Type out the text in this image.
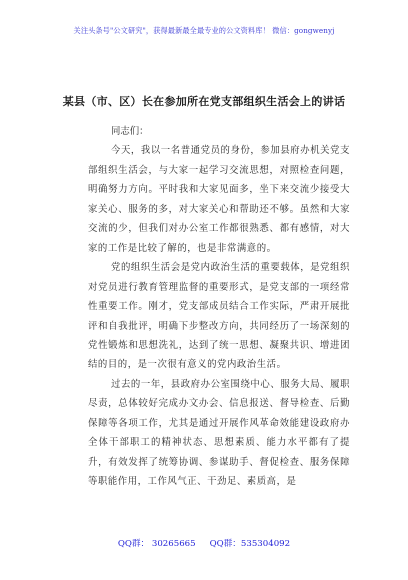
关注头条号"公文研究"，获得最新最全最专业的公文资料库！ 微信：gongwenyj
某县（市、区）长在参加所在党支部组织生活会上的讲话

同志们：

今天，我以一名普通党员的身份，参加县府办机关党支部组织生活会，与大家一起学习交流思想，对照检查问题，明确努力方向。平时我和大家见面多，坐下来交流少接受大家关心、服务的多，对大家关心和帮助还不够。虽然和大家交流的少，但我们对办公室工作都很熟悉、都有感情，对大家的工作是比较了解的，也是非常满意的。

党的组织生活会是党内政治生活的重要载体，是党组织对党员进行教育管理监督的重要形式，是党支部的一项经常性重要工作。刚才，党支部成员结合工作实际，严肃开展批评和自我批评，明确下步整改方向，共同经历了一场深刻的党性锻炼和思想洗礼，达到了统一思想、凝聚共识、增进团结的目的，是一次很有意义的党内政治生活。

过去的一年，县政府办公室围绕中心、服务大局、履职尽责，总体较好完成办文办会、信息报送、督导检查、后勤保障等各项工作，尤其是通过开展作风革命效能建设政府办全体干部职工的精神状态、思想素质、能力水平都有了提升，有效发挥了统筹协调、参谋助手、督促检查、服务保障等职能作用，工作风气正、干劲足、素质高，是

QQ群： 30265665 QQ群：535304092
